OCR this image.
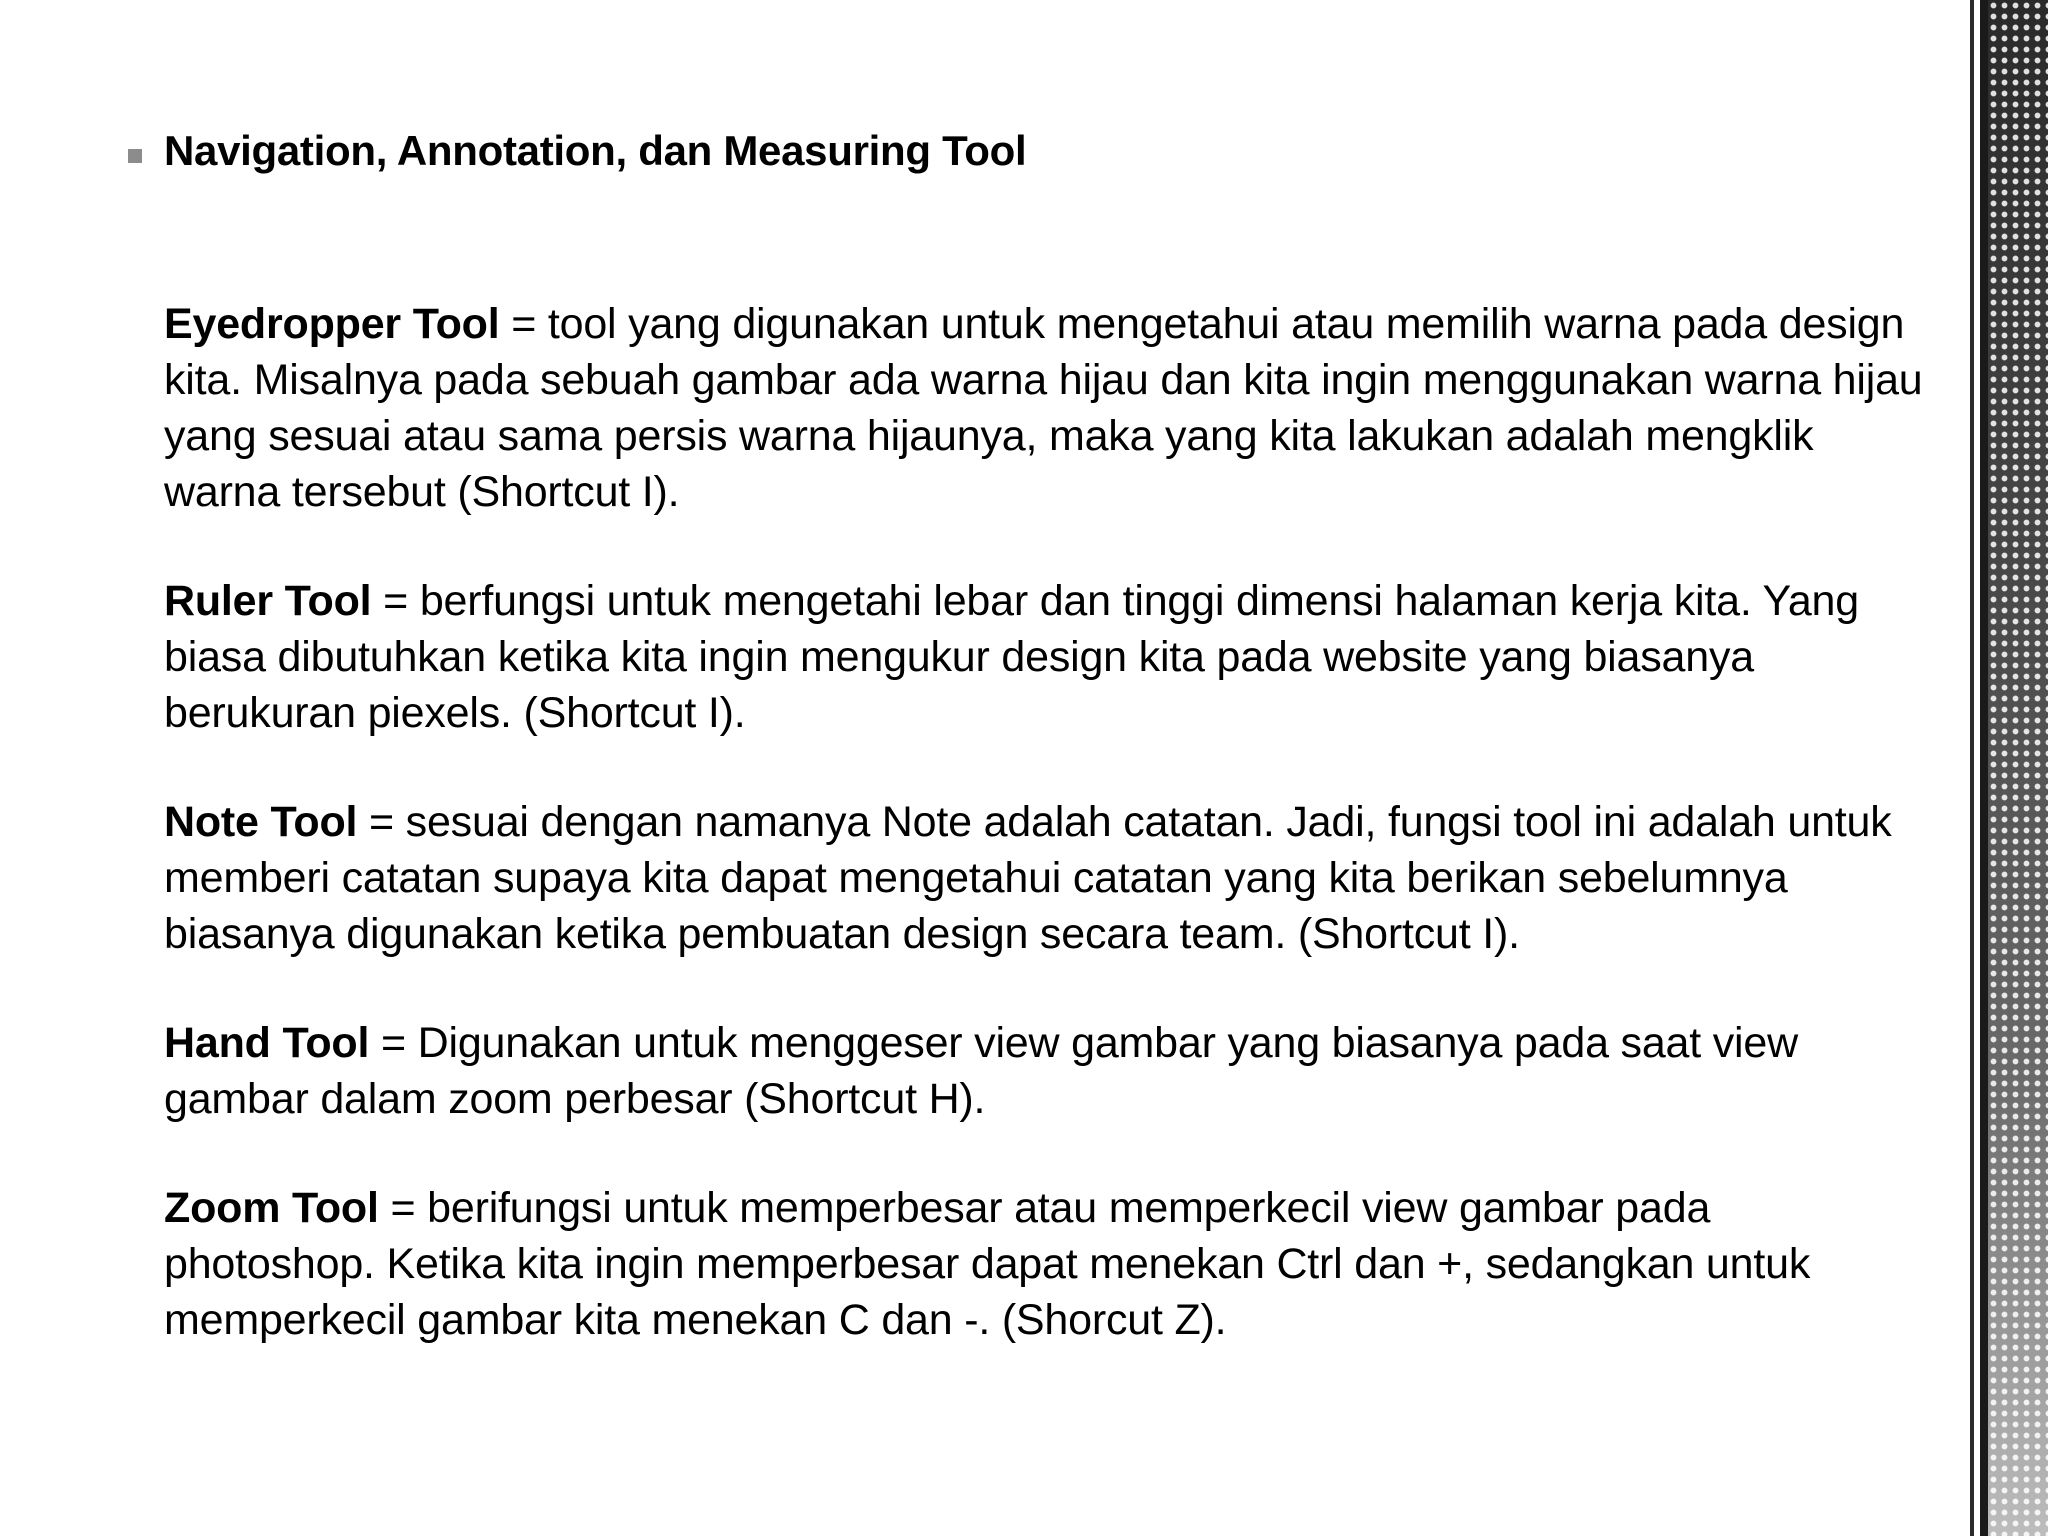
Navigation, Annotation, dan Measuring Tool

Eyedropper Tool = tool yang digunakan untuk mengetahui atau memilih warna pada design kita. Misalnya pada sebuah gambar ada warna hijau dan kita ingin menggunakan warna hijau yang sesuai atau sama persis warna hijaunya, maka yang kita lakukan adalah mengklik warna tersebut (Shortcut I).

Ruler Tool = berfungsi untuk mengetahi lebar dan tinggi dimensi halaman kerja kita. Yang biasa dibutuhkan ketika kita ingin mengukur design kita pada website yang biasanya berukuran piexels. (Shortcut I).

Note Tool = sesuai dengan namanya Note adalah catatan. Jadi, fungsi tool ini adalah untuk memberi catatan supaya kita dapat mengetahui catatan yang kita berikan sebelumnya biasanya digunakan ketika pembuatan design secara team. (Shortcut I).

Hand Tool = Digunakan untuk menggeser view gambar yang biasanya pada saat view gambar dalam zoom perbesar (Shortcut H).

Zoom Tool = berifungsi untuk memperbesar atau memperkecil view gambar pada photoshop. Ketika kita ingin memperbesar dapat menekan Ctrl dan +, sedangkan untuk memperkecil gambar kita menekan C dan -. (Shorcut Z).
